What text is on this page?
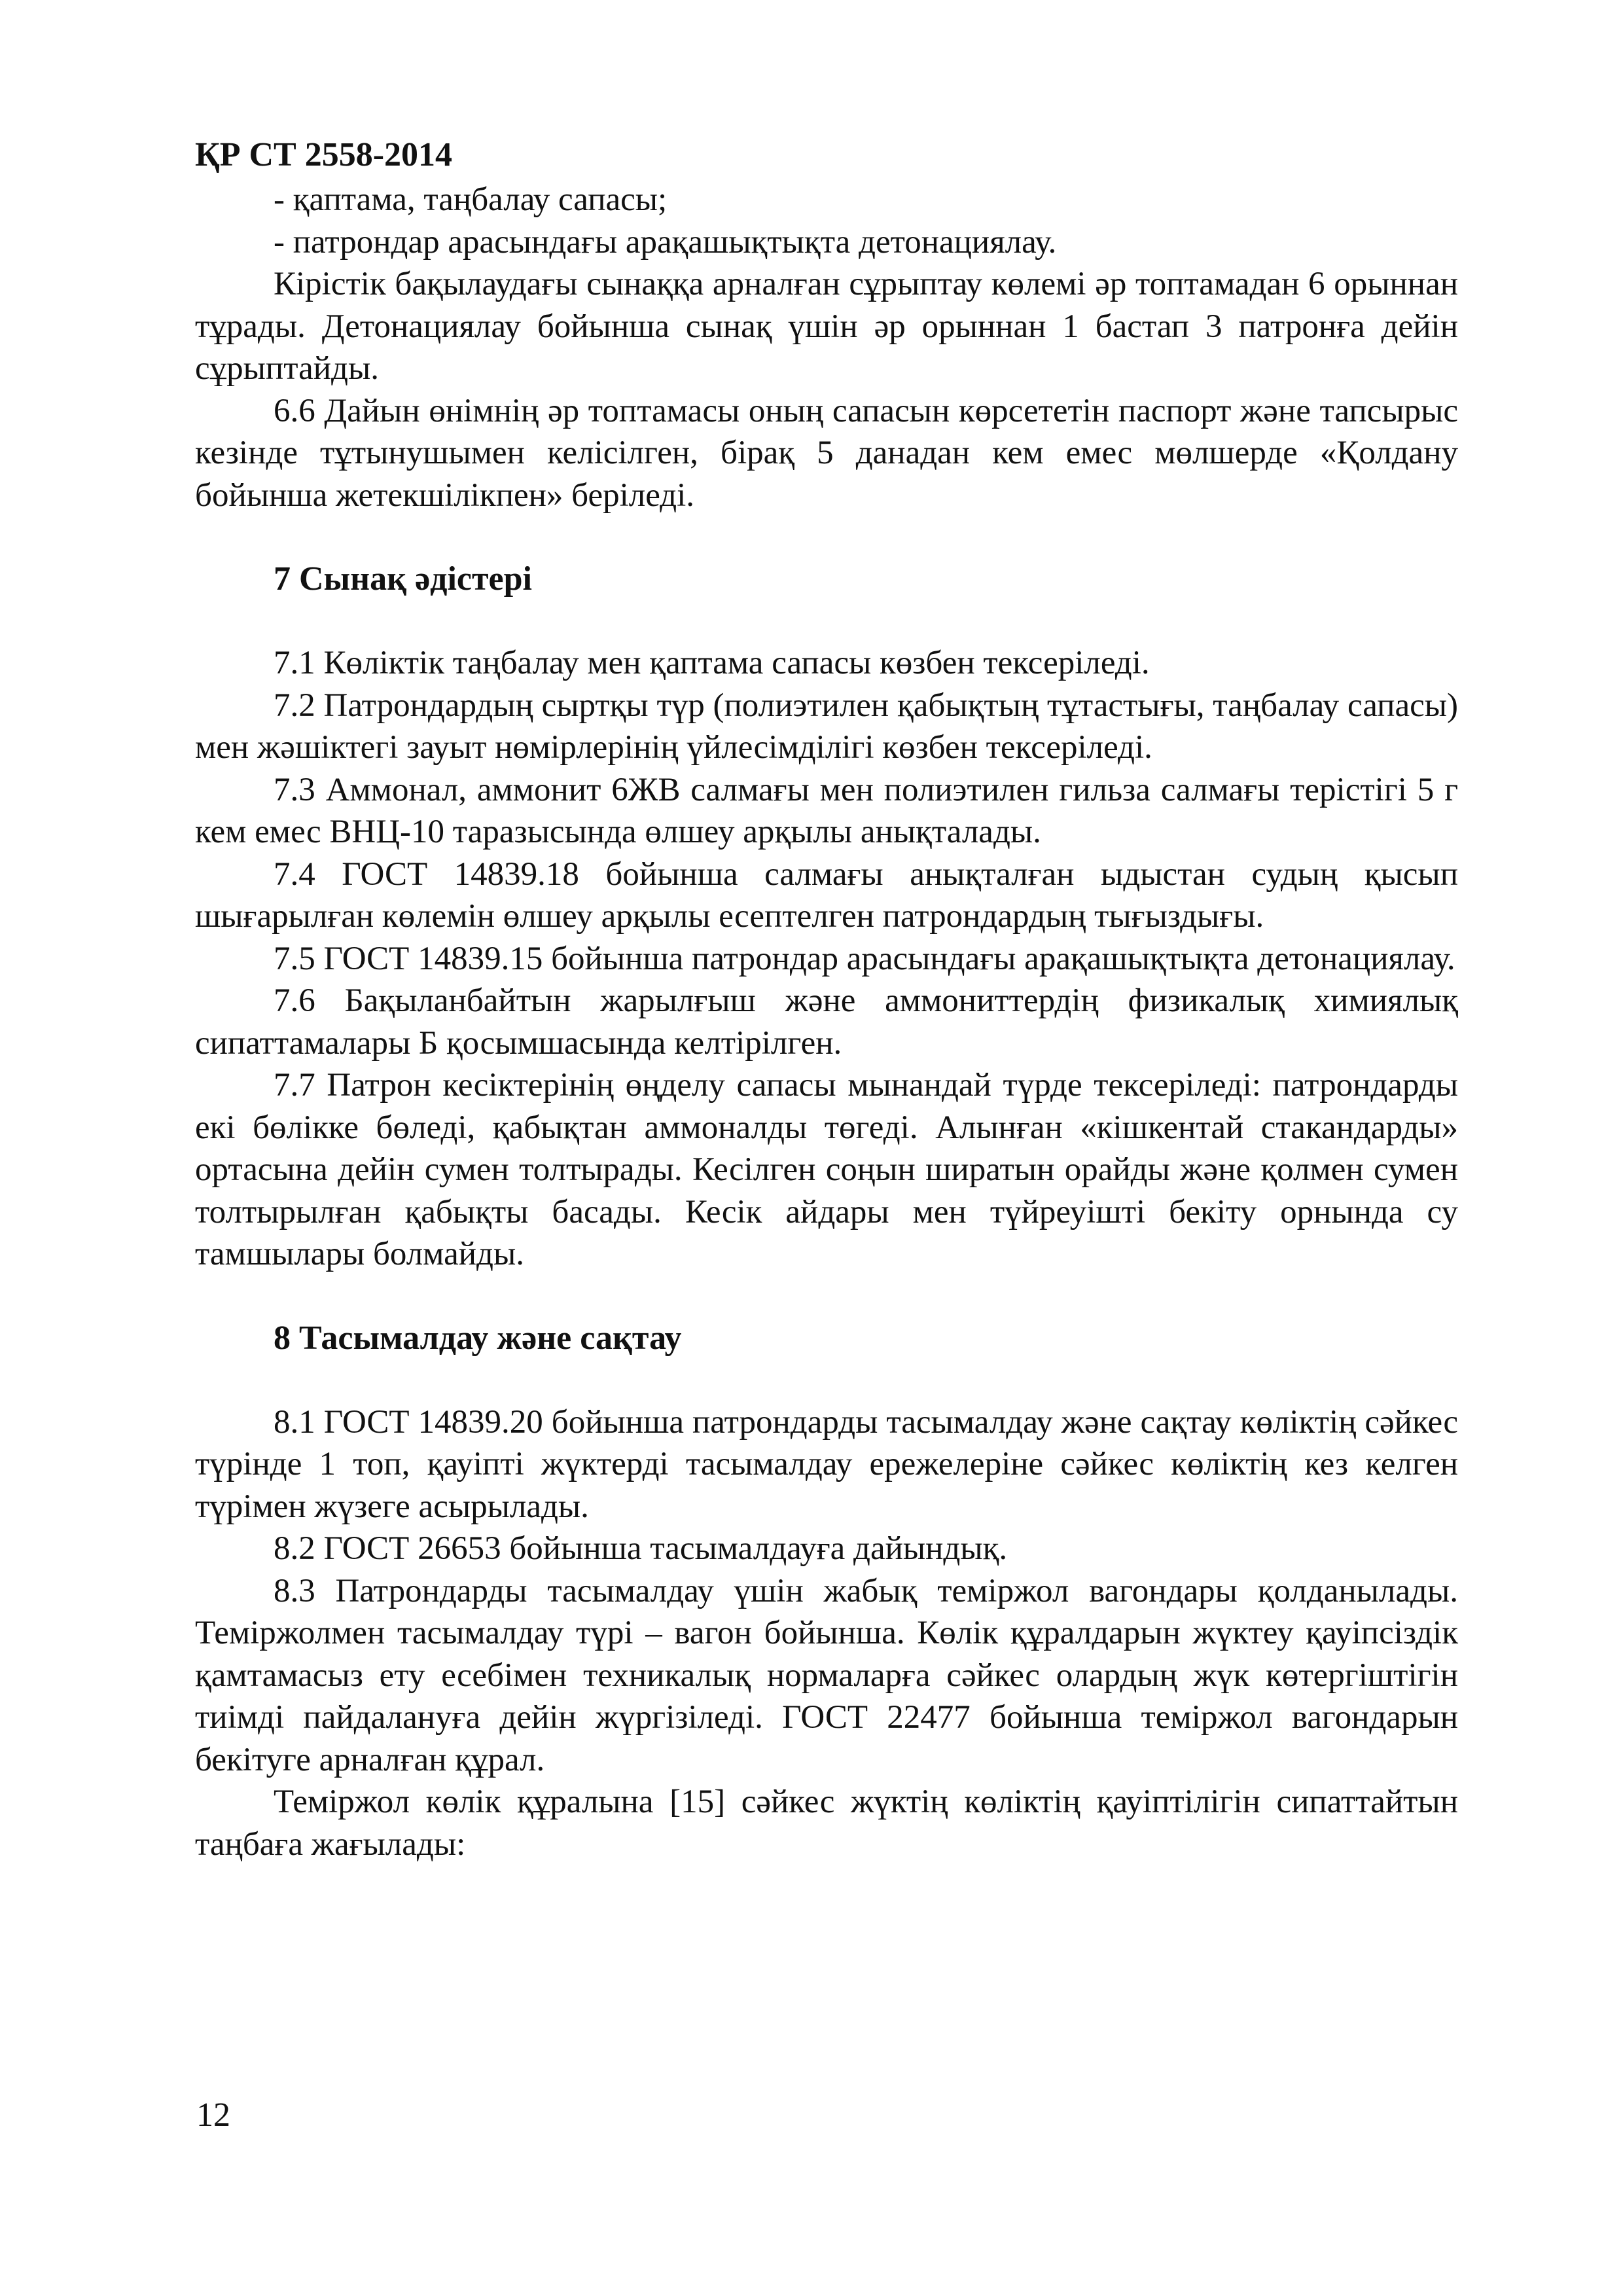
ҚР СТ 2558-2014

- қаптама, таңбалау сапасы;

- патрондар арасындағы арақашықтықта детонациялау.

Кірістік бақылаудағы сынаққа арналған сұрыптау көлемі әр топтамадан 6 орыннан тұрады. Детонациялау бойынша сынақ үшін әр орыннан 1 бастап 3 патронға дейін сұрыптайды.

6.6 Дайын өнімнің әр топтамасы оның сапасын көрсететін паспорт және тапсырыс кезінде тұтынушымен келісілген, бірақ 5 данадан кем емес мөлшерде «Қолдану бойынша жетекшілікпен» беріледі.

7 Сынақ әдістері

7.1 Көліктік таңбалау мен қаптама сапасы көзбен тексеріледі.

7.2 Патрондардың сыртқы түр (полиэтилен қабықтың тұтастығы, таңбалау сапасы) мен жәшіктегі зауыт нөмірлерінің үйлесімділігі көзбен тексеріледі.

7.3 Аммонал, аммонит 6ЖВ салмағы мен полиэтилен гильза салмағы терістігі 5 г кем емес ВНЦ-10 таразысында өлшеу арқылы анықталады.

7.4 ГОСТ 14839.18 бойынша салмағы анықталған ыдыстан судың қысып шығарылған көлемін өлшеу арқылы есептелген патрондардың тығыздығы.

7.5 ГОСТ 14839.15 бойынша патрондар арасындағы арақашықтықта детонациялау.

7.6 Бақыланбайтын жарылғыш және аммониттердің физикалық химиялық сипаттамалары Б қосымшасында келтірілген.

7.7 Патрон кесіктерінің өңделу сапасы мынандай түрде тексеріледі: патрондарды екі бөлікке бөледі, қабықтан аммоналды төгеді. Алынған «кішкентай стакандарды» ортасына дейін сумен толтырады. Кесілген соңын ширатын орайды және қолмен сумен толтырылған қабықты басады. Кесік айдары мен түйреуішті бекіту орнында су тамшылары болмайды.

8 Тасымалдау және сақтау

8.1 ГОСТ 14839.20 бойынша патрондарды тасымалдау және сақтау көліктің сәйкес түрінде 1 топ, қауіпті жүктерді тасымалдау ережелеріне сәйкес көліктің кез келген түрімен жүзеге асырылады.

8.2 ГОСТ 26653 бойынша тасымалдауға дайындық.

8.3 Патрондарды тасымалдау үшін жабық теміржол вагондары қолданылады. Теміржолмен тасымалдау түрі – вагон бойынша. Көлік құралдарын жүктеу қауіпсіздік қамтамасыз ету есебімен техникалық нормаларға сәйкес олардың жүк көтергіштігін тиімді пайдалануға дейін жүргізіледі. ГОСТ 22477 бойынша теміржол вагондарын бекітуге арналған құрал.

Теміржол көлік құралына [15] сәйкес жүктің көліктің қауіптілігін сипаттайтын таңбаға жағылады:

12
